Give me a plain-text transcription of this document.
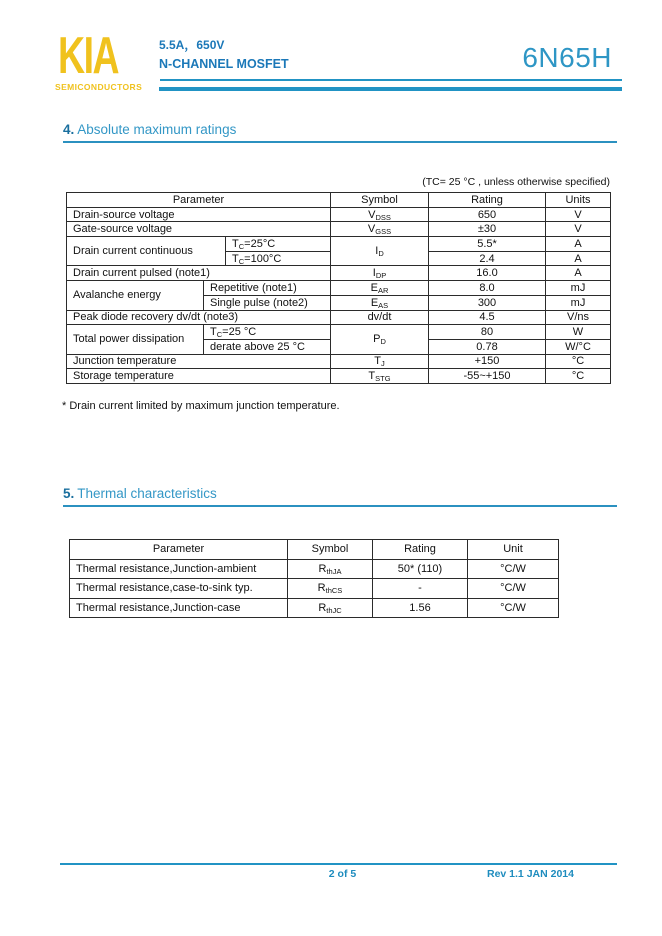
KIA
SEMICONDUCTORS
5.5A，650V
N-CHANNEL MOSFET	6N65H
4. Absolute maximum ratings
(TC= 25 °C , unless otherwise specified)
Parameter			Symbol	Rating	Units
Drain-source voltage			$V_{DSS}$	650	V
Gate-source voltage			$V_{GSS}$	±30	V
Drain current continuous		$T_C=25^\circ C$	$I_D$	5.5*	A
		$T_C=100^\circ C$		2.4	A
Drain current pulsed (note1)			$I_{DP}$	16.0	A
Avalanche energy	Repetitive (note1)		$E_{AR}$	8.0	mJ
	Single pulse (note2)		$E_{AS}$	300	mJ
Peak diode recovery dv/dt (note3)			dv/dt	4.5	V/ns
Total power dissipation	$T_C=25$ °C		$P_D$	80	W
	derate above 25 °C			0.78	W/°C
Junction temperature			$T_J$	+150	°C
Storage temperature			$T_{STG}$	-55~+150	°C
* Drain current limited by maximum junction temperature.
5. Thermal characteristics
Parameter	Symbol	Rating	Unit
Thermal resistance,Junction-ambient	$R_{thJA}$	50* (110)	°C/W
Thermal resistance,case-to-sink typ.	$R_{thCS}$	-	°C/W
Thermal resistance,Junction-case	$R_{thJC}$	1.56	°C/W
2 of 5	Rev 1.1 JAN 2014
